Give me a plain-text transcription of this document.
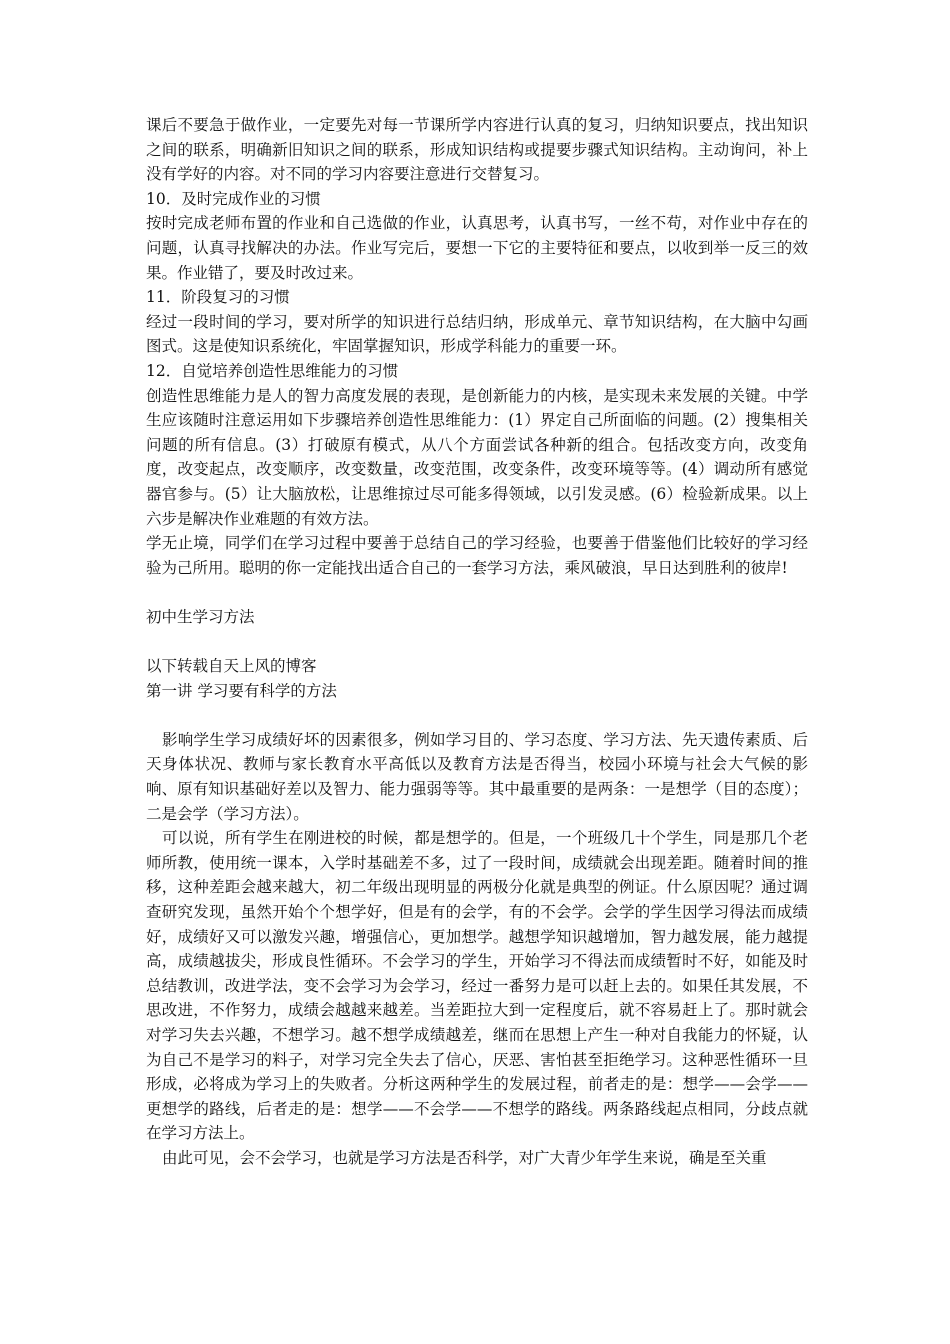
课后不要急于做作业，一定要先对每一节课所学内容进行认真的复习，归纳知识要点，找出知识之间的联系，明确新旧知识之间的联系，形成知识结构或提要步骤式知识结构。主动询问，补上没有学好的内容。对不同的学习内容要注意进行交替复习。

10．及时完成作业的习惯

按时完成老师布置的作业和自己选做的作业，认真思考，认真书写，一丝不苟，对作业中存在的问题，认真寻找解决的办法。作业写完后，要想一下它的主要特征和要点，以收到举一反三的效果。作业错了，要及时改过来。

11．阶段复习的习惯

经过一段时间的学习，要对所学的知识进行总结归纳，形成单元、章节知识结构，在大脑中勾画图式。这是使知识系统化，牢固掌握知识，形成学科能力的重要一环。

12．自觉培养创造性思维能力的习惯

创造性思维能力是人的智力高度发展的表现，是创新能力的内核，是实现未来发展的关键。中学生应该随时注意运用如下步骤培养创造性思维能力：(1）界定自己所面临的问题。(2）搜集相关问题的所有信息。(3）打破原有模式，从八个方面尝试各种新的组合。包括改变方向，改变角度，改变起点，改变顺序，改变数量，改变范围，改变条件，改变环境等等。(4）调动所有感觉器官参与。(5）让大脑放松，让思维掠过尽可能多得领域，以引发灵感。(6）检验新成果。以上六步是解决作业难题的有效方法。

学无止境，同学们在学习过程中要善于总结自己的学习经验，也要善于借鉴他们比较好的学习经验为己所用。聪明的你一定能找出适合自己的一套学习方法，乘风破浪，早日达到胜利的彼岸!

初中生学习方法

以下转载自天上风的博客

第一讲 学习要有科学的方法

影响学生学习成绩好坏的因素很多，例如学习目的、学习态度、学习方法、先天遗传素质、后天身体状况、教师与家长教育水平高低以及教育方法是否得当，校园小环境与社会大气候的影响、原有知识基础好差以及智力、能力强弱等等。其中最重要的是两条：一是想学（目的态度）；二是会学（学习方法）。

可以说，所有学生在刚进校的时候，都是想学的。但是，一个班级几十个学生，同是那几个老师所教，使用统一课本，入学时基础差不多，过了一段时间，成绩就会出现差距。随着时间的推移，这种差距会越来越大，初二年级出现明显的两极分化就是典型的例证。什么原因呢？通过调查研究发现，虽然开始个个想学好，但是有的会学，有的不会学。会学的学生因学习得法而成绩好，成绩好又可以激发兴趣，增强信心，更加想学。越想学知识越增加，智力越发展，能力越提高，成绩越拔尖，形成良性循环。不会学习的学生，开始学习不得法而成绩暂时不好，如能及时总结教训，改进学法，变不会学习为会学习，经过一番努力是可以赶上去的。如果任其发展，不思改进，不作努力，成绩会越越来越差。当差距拉大到一定程度后，就不容易赶上了。那时就会对学习失去兴趣，不想学习。越不想学成绩越差，继而在思想上产生一种对自我能力的怀疑，认为自己不是学习的料子，对学习完全失去了信心，厌恶、害怕甚至拒绝学习。这种恶性循环一旦形成，必将成为学习上的失败者。分析这两种学生的发展过程，前者走的是：想学——会学——更想学的路线，后者走的是：想学——不会学——不想学的路线。两条路线起点相同，分歧点就在学习方法上。

由此可见，会不会学习，也就是学习方法是否科学，对广大青少年学生来说，确是至关重
